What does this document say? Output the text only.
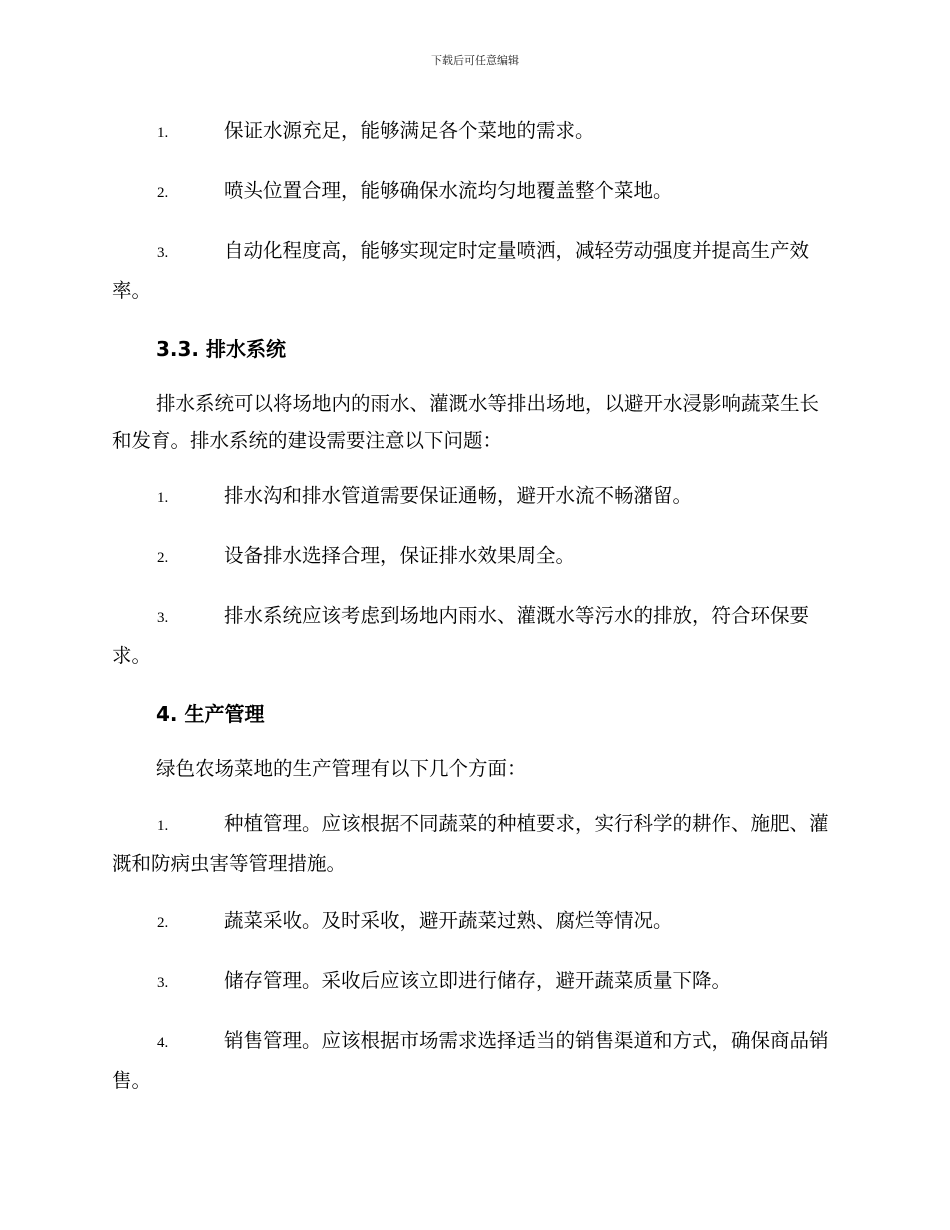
下载后可任意编辑

1.	保证水源充足，能够满足各个菜地的需求。

2.	喷头位置合理，能够确保水流均匀地覆盖整个菜地。

3.	自动化程度高，能够实现定时定量喷洒，减轻劳动强度并提高生产效率。

3.3. 排水系统

排水系统可以将场地内的雨水、灌溉水等排出场地，以避开水浸影响蔬菜生长和发育。排水系统的建设需要注意以下问题：

1.	排水沟和排水管道需要保证通畅，避开水流不畅潴留。

2.	设备排水选择合理，保证排水效果周全。

3.	排水系统应该考虑到场地内雨水、灌溉水等污水的排放，符合环保要求。

4. 生产管理

绿色农场菜地的生产管理有以下几个方面：

1.	种植管理。应该根据不同蔬菜的种植要求，实行科学的耕作、施肥、灌溉和防病虫害等管理措施。

2.	蔬菜采收。及时采收，避开蔬菜过熟、腐烂等情况。

3.	储存管理。采收后应该立即进行储存，避开蔬菜质量下降。

4.	销售管理。应该根据市场需求选择适当的销售渠道和方式，确保商品销售。
